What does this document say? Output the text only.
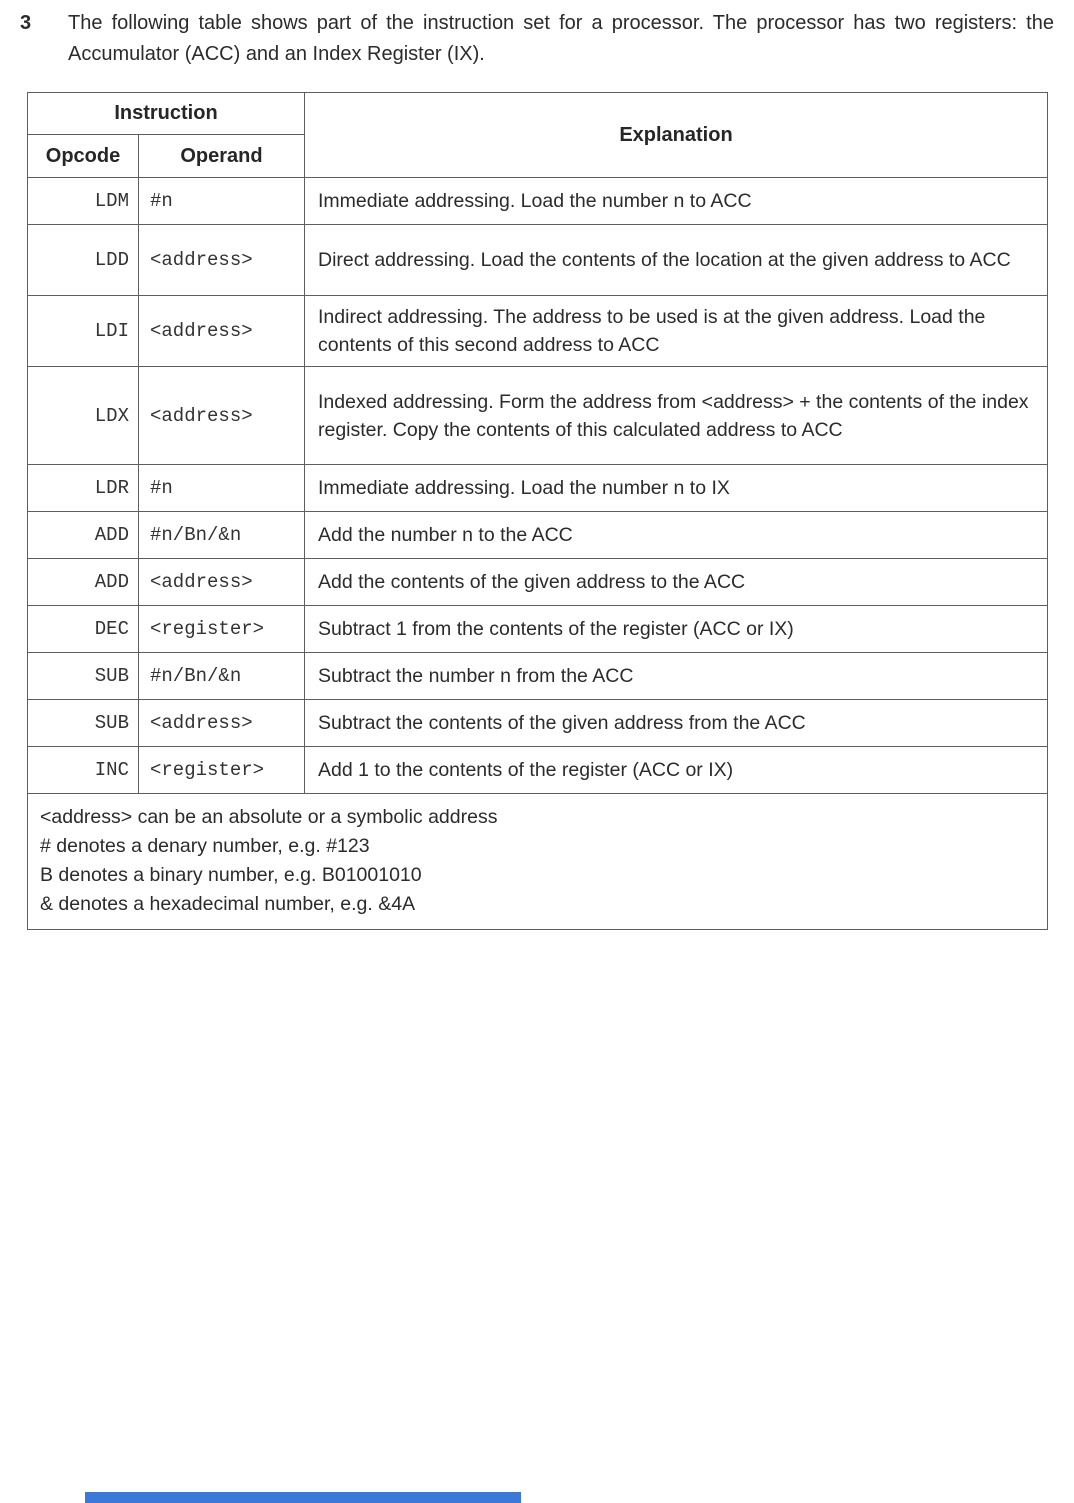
3 The following table shows part of the instruction set for a processor. The processor has two registers: the Accumulator (ACC) and an Index Register (IX).
Instruction		Explanation
Opcode	Operand	
LDM	#n	Immediate addressing. Load the number n to ACC
LDD	<address>	Direct addressing. Load the contents of the location at the given address to ACC
LDI	<address>	Indirect addressing. The address to be used is at the given address. Load the contents of this second address to ACC
LDX	<address>	Indexed addressing. Form the address from <address> + the contents of the index register. Copy the contents of this calculated address to ACC
LDR	#n	Immediate addressing. Load the number n to IX
ADD	#n/Bn/&n	Add the number n to the ACC
ADD	<address>	Add the contents of the given address to the ACC
DEC	<register>	Subtract 1 from the contents of the register (ACC or IX)
SUB	#n/Bn/&n	Subtract the number n from the ACC
SUB	<address>	Subtract the contents of the given address from the ACC
INC	<register>	Add 1 to the contents of the register (ACC or IX)

<address> can be an absolute or a symbolic address
# denotes a denary number, e.g. #123
B denotes a binary number, e.g. B01001010
& denotes a hexadecimal number, e.g. &4A		
